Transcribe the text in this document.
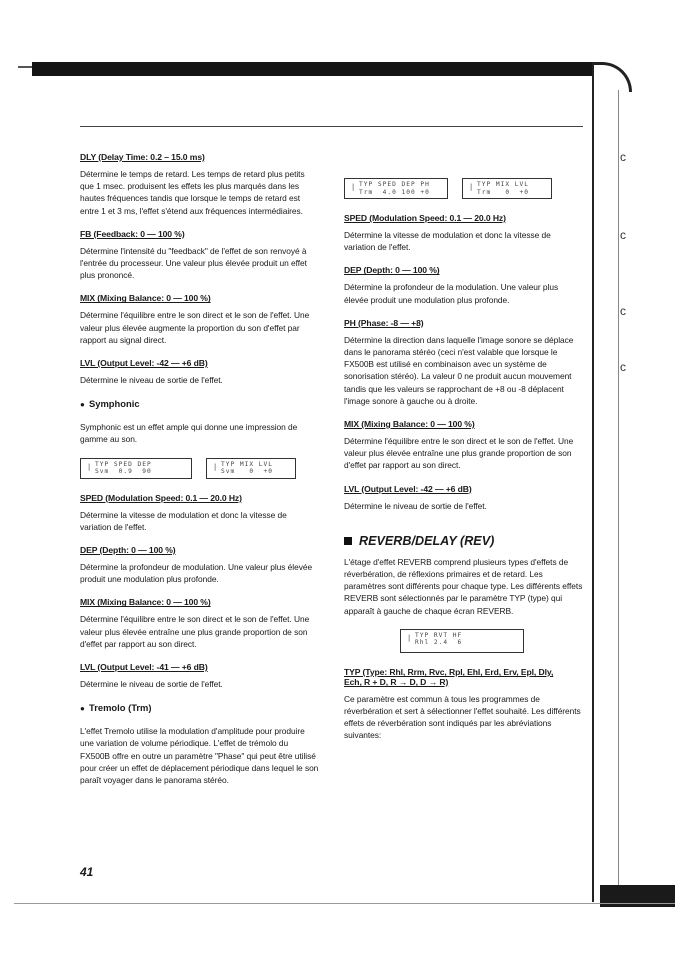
c
c
c
c
DLY (Delay Time: 0.2 – 15.0 ms)

Détermine le temps de retard. Les temps de retard plus petits que 1 msec. produisent les effets les plus marqués dans les hautes fréquences tandis que lorsque le temps de retard est entre 1 et 3 ms, l'effet s'étend aux fréquences intermédiaires.

FB (Feedback: 0 — 100 %)

Détermine l'intensité du "feedback" de l'effet de son renvoyé à l'entrée du processeur. Une valeur plus élevée produit un effet plus prononcé.

MIX (Mixing Balance: 0 — 100 %)

Détermine l'équilibre entre le son direct et le son de l'effet. Une valeur plus élevée augmente la proportion du son d'effet par rapport au signal direct.

LVL (Output Level: -42 — +6 dB)

Détermine le niveau de sortie de l'effet.

● Symphonic

Symphonic est un effet ample qui donne une impression de gamme au son.

| TYP SPED DEP
Svm  0.9  90
| TYP MIX LVL
Svm   0  +0
SPED (Modulation Speed: 0.1 — 20.0 Hz)

Détermine la vitesse de modulation et donc la vitesse de variation de l'effet.

DEP (Depth: 0 — 100 %)

Détermine la profondeur de modulation. Une valeur plus élevée produit une modulation plus profonde.

MIX (Mixing Balance: 0 — 100 %)

Détermine l'équilibre entre le son direct et le son de l'effet. Une valeur plus élevée entraîne une plus grande proportion de son d'effet par rapport au son direct.

LVL (Output Level: -41 — +6 dB)

Détermine le niveau de sortie de l'effet.

● Tremolo (Trm)

L'effet Tremolo utilise la modulation d'amplitude pour produire une variation de volume périodique. L'effet de trémolo du FX500B offre en outre un paramètre "Phase" qui peut être utilisé pour créer un effet de déplacement périodique dans lequel le son paraît voyager dans le panorama stéréo.

| TYP SPED DEP PH
Trm  4.0 100 +0
| TYP MIX LVL
Trm   0  +0
SPED (Modulation Speed: 0.1 — 20.0 Hz)

Détermine la vitesse de modulation et donc la vitesse de variation de l'effet.

DEP (Depth: 0 — 100 %)

Détermine la profondeur de la modulation. Une valeur plus élevée produit une modulation plus profonde.

PH (Phase: -8 — +8)

Détermine la direction dans laquelle l'image sonore se déplace dans le panorama stéréo (ceci n'est valable que lorsque le FX500B est utilisé en combinaison avec un système de sonorisation stéréo). La valeur 0 ne produit aucun mouvement tandis que les valeurs se rapprochant de +8 ou -8 déplacent l'image sonore à gauche ou à droite.

MIX (Mixing Balance: 0 — 100 %)

Détermine l'équilibre entre le son direct et le son de l'effet. Une valeur plus élevée entraîne une plus grande proportion de son d'effet par rapport au son direct.

LVL (Output Level: -42 — +6 dB)

Détermine le niveau de sortie de l'effet.

REVERB/DELAY (REV)

L'étage d'effet REVERB comprend plusieurs types d'effets de réverbération, de réflexions primaires et de retard. Les paramètres sont différents pour chaque type. Les différents effets REVERB sont sélectionnés par le paramètre TYP (type) qui apparaît à gauche de chaque écran REVERB.

| TYP RVT HF
Rhl 2.4  6
TYP (Type: Rhl, Rrm, Rvc, Rpl, Ehl, Erd, Erv, Epl, Dly,
Ech, R + D, R → D, D → R)

Ce paramètre est commun à tous les programmes de réverbération et sert à sélectionner l'effet souhaité. Les différents effets de réverbération sont indiqués par les abréviations suivantes:

41
